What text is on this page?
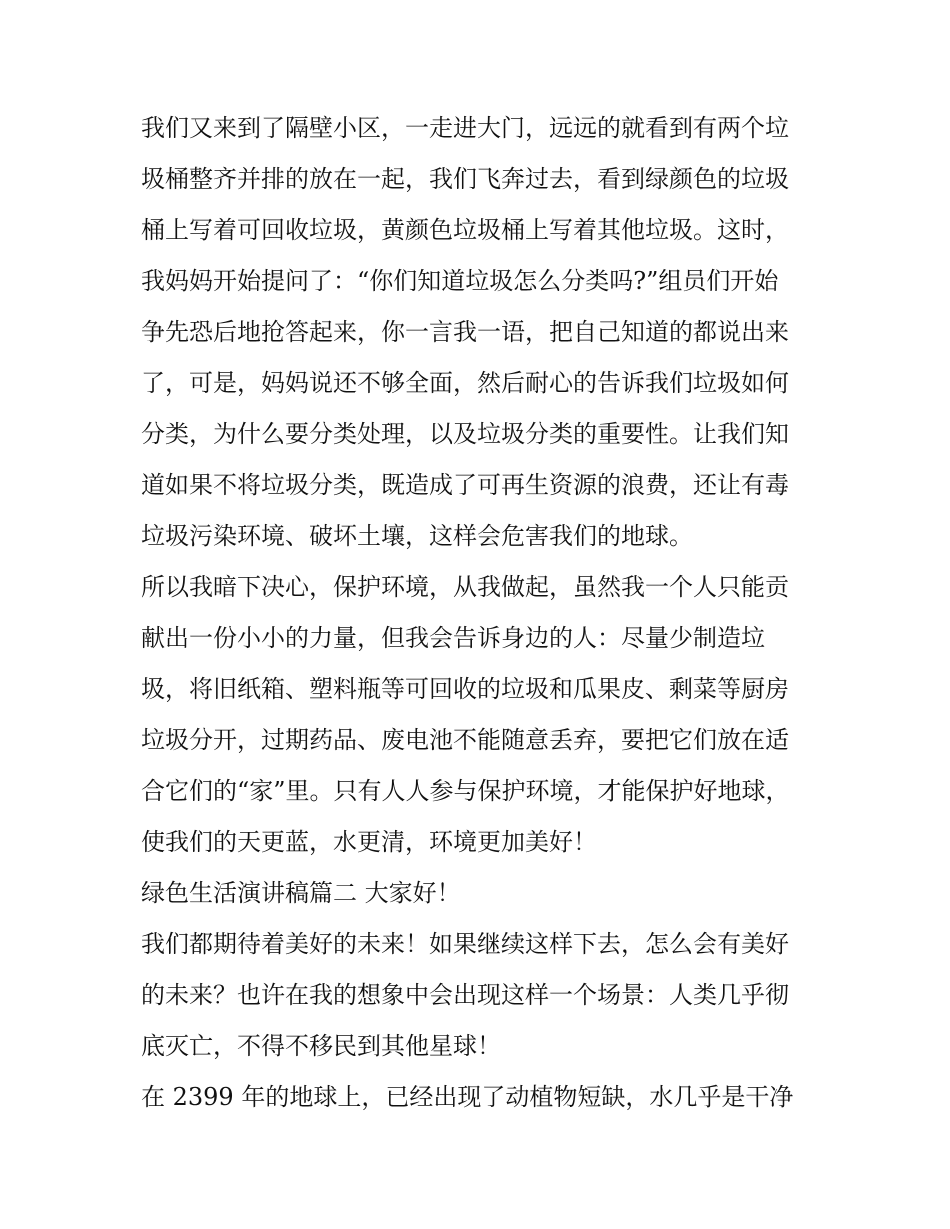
我们又来到了隔壁小区，一走进大门，远远的就看到有两个垃
圾桶整齐并排的放在一起，我们飞奔过去，看到绿颜色的垃圾
桶上写着可回收垃圾，黄颜色垃圾桶上写着其他垃圾。这时，
我妈妈开始提问了：“你们知道垃圾怎么分类吗?”组员们开始
争先恐后地抢答起来，你一言我一语，把自己知道的都说出来
了，可是，妈妈说还不够全面，然后耐心的告诉我们垃圾如何
分类，为什么要分类处理，以及垃圾分类的重要性。让我们知
道如果不将垃圾分类，既造成了可再生资源的浪费，还让有毒
垃圾污染环境、破坏土壤，这样会危害我们的地球。
所以我暗下决心，保护环境，从我做起，虽然我一个人只能贡
献出一份小小的力量，但我会告诉身边的人：尽量少制造垃
圾，将旧纸箱、塑料瓶等可回收的垃圾和瓜果皮、剩菜等厨房
垃圾分开，过期药品、废电池不能随意丢弃，要把它们放在适
合它们的“家”里。只有人人参与保护环境，才能保护好地球，
使我们的天更蓝，水更清，环境更加美好！
绿色生活演讲稿篇二 大家好！
我们都期待着美好的未来！如果继续这样下去，怎么会有美好
的未来？也许在我的想象中会出现这样一个场景：人类几乎彻
底灭亡，不得不移民到其他星球！
在 2399 年的地球上，已经出现了动植物短缺，水几乎是干净
